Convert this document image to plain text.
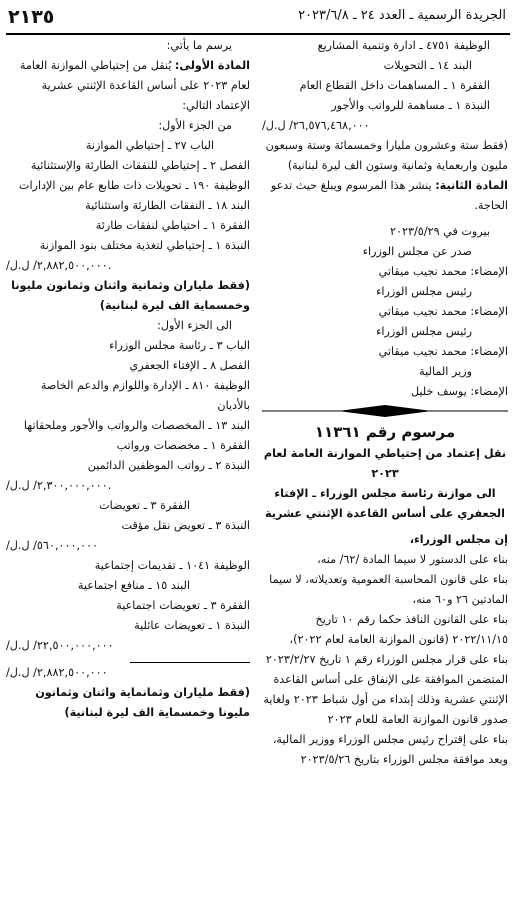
الجريدة الرسمية ـ العدد ٢٤ ـ ٢٠٢٣/٦/٨
٢١٣٥

الوظيفة ٤٧٥١ ـ ادارة وتنمية المشاريع

البند ١٤ ـ التحويلات

الفقرة ١ ـ المساهمات داخل القطاع العام

النبذة ١ ـ مساهمة للرواتب والأجور

/٢٦,٥٧٦,٤٦٨,٠٠٠/ ل.ل

(فقط ستة وعشرون مليارا وخمسمائة وستة وسبعون مليون واربعماية وثمانية وستون الف ليرة لبنانية)

المادة الثانية: ينشر هذا المرسوم ويبلغ حيث تدعو الحاجة.

بيروت في ٢٠٢٣/٥/٢٩

صدر عن مجلس الوزراء

الإمضاء: محمد نجيب ميقاتي

رئيس مجلس الوزراء

الإمضاء: محمد نجيب ميقاتي

رئيس مجلس الوزراء

الإمضاء: محمد نجيب ميقاتي

وزير المالية

الإمضاء: يوسف خليل

مرسوم رقم ١١٣٦١

نقل إعتماد من إحتياطي الموازنة العامة لعام ٢٠٢٣

الى موازنة رئاسة مجلس الوزراء ـ الإفتاء الجعفري على أساس القاعدة الإثنتي عشرية

إن مجلس الوزراء،

بناء على الدستور لا سيما المادة /٦٢/ منه،

بناء على قانون المحاسبة العمومية وتعديلاته، لا سيما المادتين ٢٦ و٦٠ منه،

بناء على القانون النافذ حكما رقم ١٠ تاريخ ٢٠٢٢/١١/١٥ (قانون الموازنة العامة لعام ٢٠٢٢)،

بناء على قرار مجلس الوزراء رقم ١ تاريخ ٢٠٢٣/٢/٢٧ المتضمن الموافقة على الإنفاق على أساس القاعدة الإثنتي عشرية وذلك إبتداء من أول شباط ٢٠٢٣ ولغاية صدور قانون الموازنة العامة للعام ٢٠٢٣

بناء على إقتراح رئيس مجلس الوزراء ووزير المالية،

وبعد موافقة مجلس الوزراء بتاريخ ٢٠٢٣/٥/٢٦

يرسم ما يأتي:

المادة الأولى: يُنقل من إحتياطي الموازنة العامة لعام ٢٠٢٣ على أساس القاعدة الإثنتي عشرية الإعتماد التالي:

من الجزء الأول:

الباب ٢٧ ـ إحتياطي الموازنة

الفصل ٢ ـ إحتياطي للنفقات الطارئة والإستثنائية

الوظيفة ١٩٠ ـ تحويلات ذات طابع عام بين الإدارات

البند ١٨ ـ النفقات الطارئة واستثنائية

الفقرة ١ ـ احتياطي لنفقات طارئة

النبذة ١ ـ إحتياطي لتغذية مختلف بنود الموازنة

/٢,٨٨٢,٥٠٠,٠٠٠/ ل.ل.

(فقط ملياران وثمانية واثنان وثمانون مليونا وخمسماية الف ليرة لبنانية)

الى الجزء الأول:

الباب ٣ ـ رئاسة مجلس الوزراء

الفصل ٨ ـ الإفتاء الجعفري

الوظيفة ٨١٠ ـ الإدارة واللوازم والدعم الخاصة بالأديان

البند ١٣ ـ المخصصات والرواتب والأجور وملحقاتها

الفقرة ١ ـ مخصصات ورواتب

النبذة ٢ ـ رواتب الموظفين الدائمين

/٢,٣٠٠,٠٠٠,٠٠٠/ ل.ل.

الفقرة ٣ ـ تعويضات

النبذة ٣ ـ تعويض نقل مؤقت

/٥٦٠,٠٠٠,٠٠٠/ ل.ل

الوظيفة ١٠٤١ ـ تقديمات إجتماعية

البند ١٥ ـ منافع اجتماعية

الفقرة ٣ ـ تعويضات اجتماعية

النبذة ١ ـ تعويضات عائلية

/٢٢,٥٠٠,٠٠٠,٠٠٠/ ل.ل

/٢,٨٨٢,٥٠٠,٠٠٠/ ل.ل

(فقط ملياران وثمانماية واثنان وثمانون مليونا وخمسماية الف ليرة لبنانية)
